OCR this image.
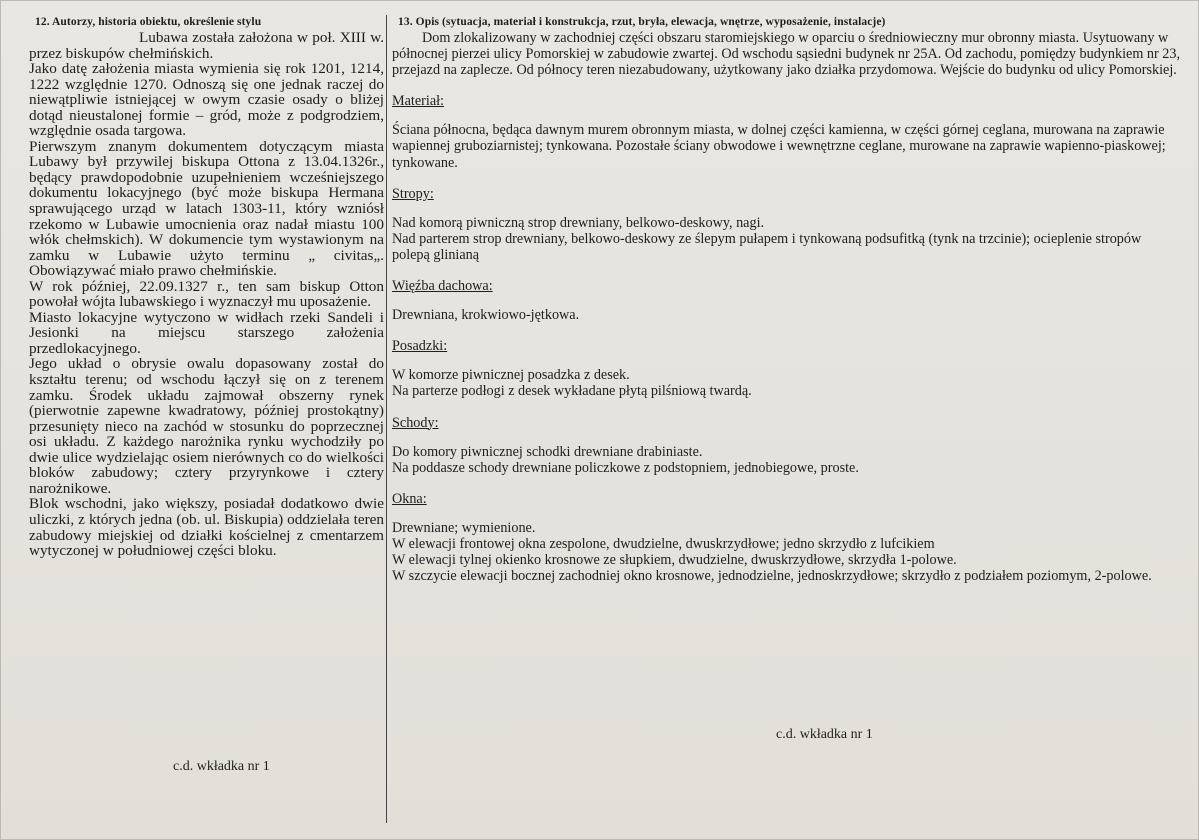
12. Autorzy, historia obiektu, określenie stylu

Lubawa została założona w poł. XIII w. przez biskupów chełmińskich.

Jako datę założenia miasta wymienia się rok 1201, 1214, 1222 względnie 1270. Odnoszą się one jednak raczej do niewątpliwie istniejącej w owym czasie osady o bliżej dotąd nieustalonej formie – gród, może z podgrodziem, względnie osada targowa.

Pierwszym znanym dokumentem dotyczącym miasta Lubawy był przywilej biskupa Ottona z 13.04.1326r., będący prawdopodobnie uzupełnieniem wcześniejszego dokumentu lokacyjnego (być może biskupa Hermana sprawującego urząd w latach 1303-11, który wzniósł rzekomo w Lubawie umocnienia oraz nadał miastu 100 włók chełmskich). W dokumencie tym wystawionym na zamku w Lubawie użyto terminu „ civitas„. Obowiązywać miało prawo chełmińskie.

W rok później, 22.09.1327 r., ten sam biskup Otton powołał wójta lubawskiego i wyznaczył mu uposażenie.

Miasto lokacyjne wytyczono w widłach rzeki Sandeli i Jesionki na miejscu starszego założenia przedlokacyjnego.

Jego układ o obrysie owalu dopasowany został do kształtu terenu; od wschodu łączył się on z terenem zamku. Środek układu zajmował obszerny rynek (pierwotnie zapewne kwadratowy, później prostokątny) przesunięty nieco na zachód w stosunku do poprzecznej osi układu. Z każdego narożnika rynku wychodziły po dwie ulice wydzielając osiem nierównych co do wielkości bloków zabudowy; cztery przyrynkowe i cztery narożnikowe.

Blok wschodni, jako większy, posiadał dodatkowo dwie uliczki, z których jedna (ob. ul. Biskupia) oddzielała teren zabudowy miejskiej od działki kościelnej z cmentarzem wytyczonej w południowej części bloku.

13. Opis (sytuacja, materiał i konstrukcja, rzut, bryła, elewacja, wnętrze, wyposażenie, instalacje)

Dom zlokalizowany w zachodniej części obszaru staromiejskiego w oparciu o średniowieczny mur obronny miasta. Usytuowany w północnej pierzei ulicy Pomorskiej w zabudowie zwartej. Od wschodu sąsiedni budynek nr 25A. Od zachodu, pomiędzy budynkiem nr 23, przejazd na zaplecze. Od północy teren niezabudowany, użytkowany jako działka przydomowa. Wejście do budynku od ulicy Pomorskiej.

Materiał:

Ściana północna, będąca dawnym murem obronnym miasta, w dolnej części kamienna, w części górnej ceglana, murowana na zaprawie wapiennej gruboziarnistej; tynkowana. Pozostałe ściany obwodowe i wewnętrzne ceglane, murowane na zaprawie wapienno-piaskowej; tynkowane.

Stropy:

Nad komorą piwniczną strop drewniany, belkowo-deskowy, nagi.

Nad parterem strop drewniany, belkowo-deskowy ze ślepym pułapem i tynkowaną podsufitką (tynk na trzcinie); ocieplenie stropów polepą glinianą

Więźba dachowa:

Drewniana, krokwiowo-jętkowa.

Posadzki:

W komorze piwnicznej posadzka z desek.

Na parterze podłogi z desek wykładane płytą pilśniową twardą.

Schody:

Do komory piwnicznej schodki drewniane drabiniaste.

Na poddasze schody drewniane policzkowe z podstopniem, jednobiegowe, proste.

Okna:

Drewniane; wymienione.

W elewacji frontowej okna zespolone, dwudzielne, dwuskrzydłowe; jedno skrzydło z lufcikiem

W elewacji tylnej okienko krosnowe ze słupkiem, dwudzielne, dwuskrzydłowe, skrzydła 1-polowe.

W szczycie elewacji bocznej zachodniej okno krosnowe, jednodzielne, jednoskrzydłowe; skrzydło z podziałem poziomym, 2-polowe.

c.d. wkładka nr 1
c.d. wkładka nr 1
